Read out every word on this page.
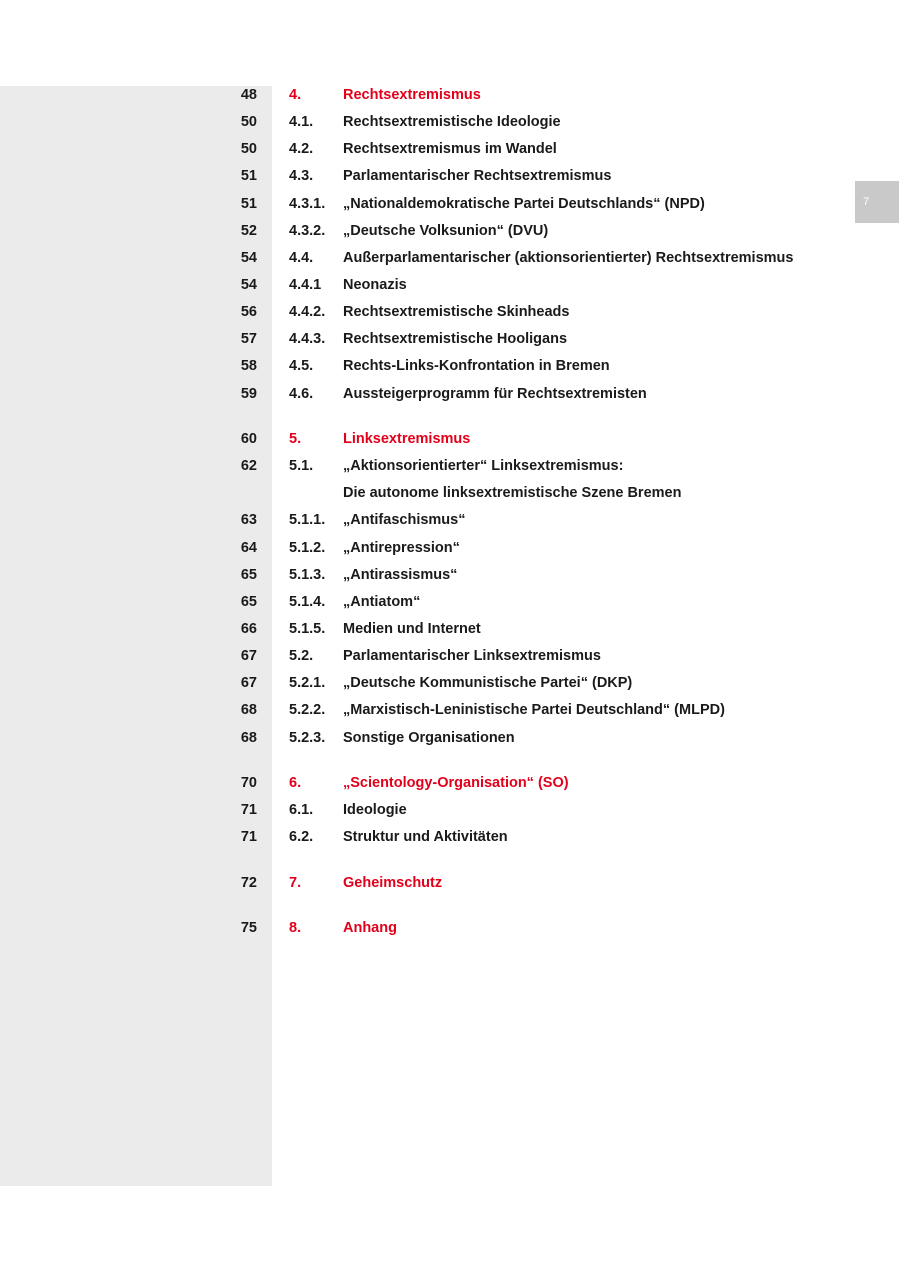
7
48 4.	Rechtsextremismus
50 4.1. Rechtsextremistische Ideologie
50 4.2. Rechtsextremismus im Wandel
51 4.3. Parlamentarischer Rechtsextremismus
51 4.3.1. „Nationaldemokratische Partei Deutschlands“ (NPD)
52 4.3.2. „Deutsche Volksunion“ (DVU)
54 4.4. Außerparlamentarischer (aktionsorientierter) Rechtsextremismus
54 4.4.1 Neonazis
56 4.4.2. Rechtsextremistische Skinheads
57 4.4.3. Rechtsextremistische Hooligans
58 4.5. Rechts-Links-Konfrontation in Bremen
59 4.6. Aussteigerprogramm für Rechtsextremisten
60 5.	Linksextremismus
62 5.1. „Aktionsorientierter“ Linksextremismus:
Die autonome linksextremistische Szene Bremen
63 5.1.1. „Antifaschismus“
64 5.1.2. „Antirepression“
65 5.1.3. „Antirassismus“
65 5.1.4. „Antiatom“
66 5.1.5. Medien und Internet
67 5.2. Parlamentarischer Linksextremismus
67 5.2.1. „Deutsche Kommunistische Partei“ (DKP)
68 5.2.2. „Marxistisch-Leninistische Partei Deutschland“ (MLPD)
68 5.2.3. Sonstige Organisationen
70 6.	„Scientology-Organisation“ (SO)
71 6.1. Ideologie
71 6.2. Struktur und Aktivitäten
72 7.	Geheimschutz
75 8.	Anhang
